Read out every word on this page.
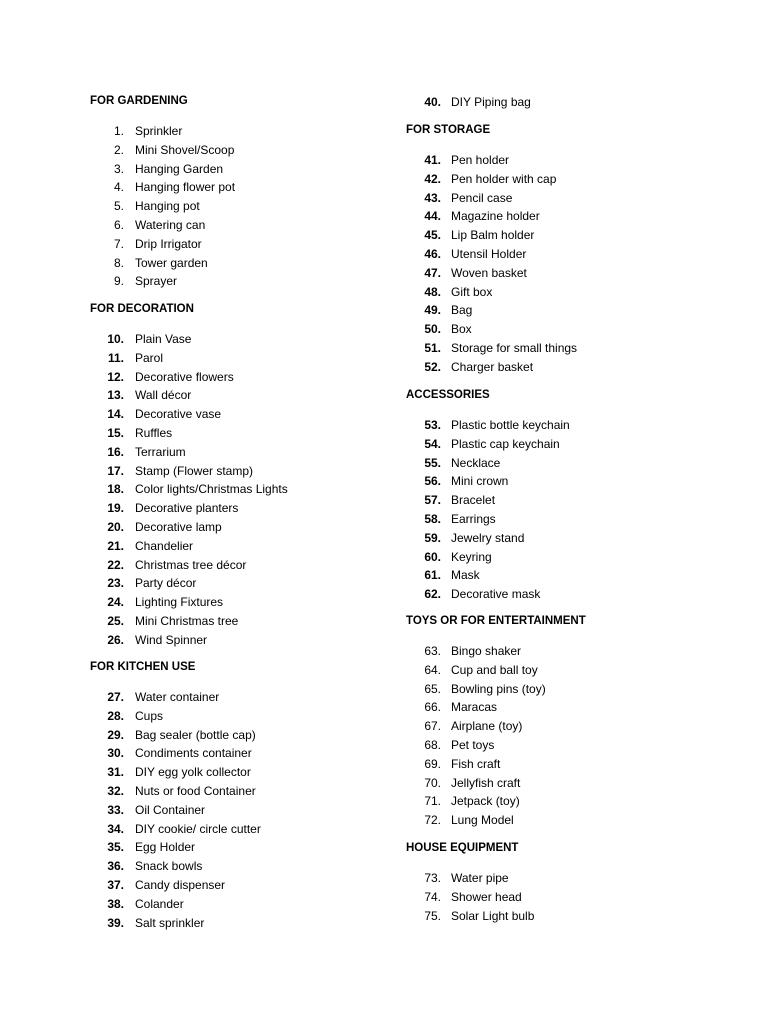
FOR GARDENING
1. Sprinkler
2. Mini Shovel/Scoop
3. Hanging Garden
4. Hanging flower pot
5. Hanging pot
6. Watering can
7. Drip Irrigator
8. Tower garden
9. Sprayer
FOR DECORATION
10. Plain Vase
11. Parol
12. Decorative flowers
13. Wall décor
14. Decorative vase
15. Ruffles
16. Terrarium
17. Stamp (Flower stamp)
18. Color lights/Christmas Lights
19. Decorative planters
20. Decorative lamp
21. Chandelier
22. Christmas tree décor
23. Party décor
24. Lighting Fixtures
25. Mini Christmas tree
26. Wind Spinner
FOR KITCHEN USE
27. Water container
28. Cups
29. Bag sealer (bottle cap)
30. Condiments container
31. DIY egg yolk collector
32. Nuts or food Container
33. Oil Container
34. DIY cookie/ circle cutter
35. Egg Holder
36. Snack bowls
37. Candy dispenser
38. Colander
39. Salt sprinkler
40. DIY Piping bag
FOR STORAGE
41. Pen holder
42. Pen holder with cap
43. Pencil case
44. Magazine holder
45. Lip Balm holder
46. Utensil Holder
47. Woven basket
48. Gift box
49. Bag
50. Box
51. Storage for small things
52. Charger basket
ACCESSORIES
53. Plastic bottle keychain
54. Plastic cap keychain
55. Necklace
56. Mini crown
57. Bracelet
58. Earrings
59. Jewelry stand
60. Keyring
61. Mask
62. Decorative mask
TOYS OR FOR ENTERTAINMENT
63. Bingo shaker
64. Cup and ball toy
65. Bowling pins (toy)
66. Maracas
67. Airplane (toy)
68. Pet toys
69. Fish craft
70. Jellyfish craft
71. Jetpack (toy)
72. Lung Model
HOUSE EQUIPMENT
73. Water pipe
74. Shower head
75. Solar Light bulb
